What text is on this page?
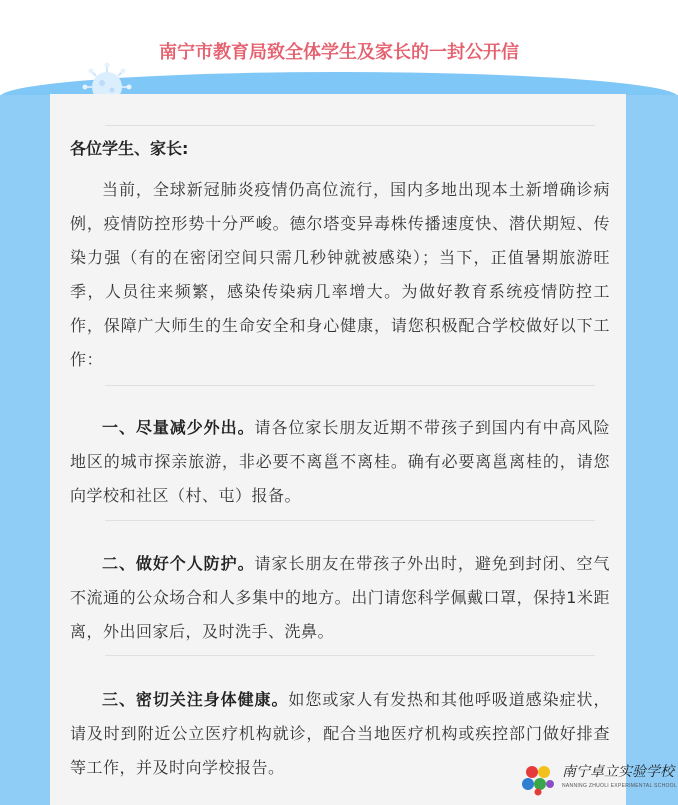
南宁市教育局致全体学生及家长的一封公开信
各位学生、家长:
当前，全球新冠肺炎疫情仍高位流行，国内多地出现本土新增确诊病例，疫情防控形势十分严峻。德尔塔变异毒株传播速度快、潜伏期短、传染力强（有的在密闭空间只需几秒钟就被感染）；当下，正值暑期旅游旺季，人员往来频繁，感染传染病几率增大。为做好教育系统疫情防控工作，保障广大师生的生命安全和身心健康，请您积极配合学校做好以下工作：
一、尽量减少外出。请各位家长朋友近期不带孩子到国内有中高风险地区的城市探亲旅游，非必要不离邕不离桂。确有必要离邕离桂的，请您向学校和社区（村、屯）报备。
二、做好个人防护。请家长朋友在带孩子外出时，避免到封闭、空气不流通的公众场合和人多集中的地方。出门请您科学佩戴口罩，保持1米距离，外出回家后，及时洗手、洗鼻。
三、密切关注身体健康。如您或家人有发热和其他呼吸道感染症状，请及时到附近公立医疗机构就诊，配合当地医疗机构或疾控部门做好排查等工作，并及时向学校报告。	南宁卓立实验学校
NANNING ZHUOLI EXPERIMENTAL SCHOOL
